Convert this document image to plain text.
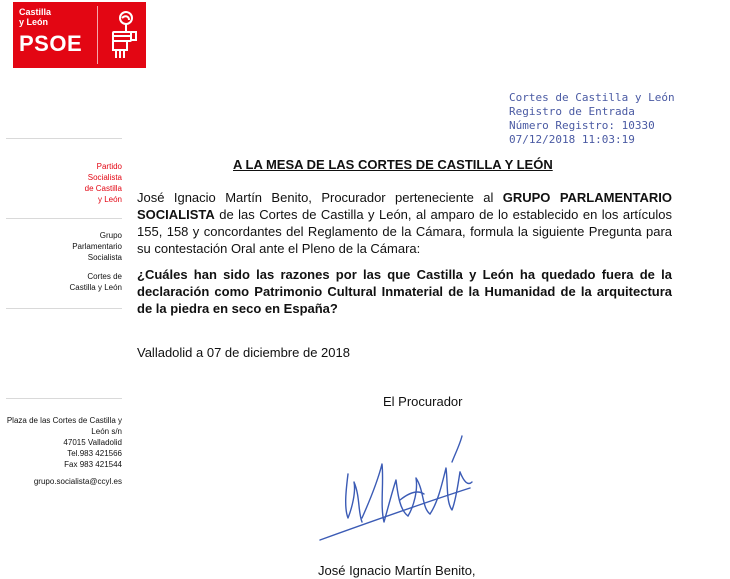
Castilla
y León
PSOE
Cortes de Castilla y León
Registro de Entrada
Número Registro: 10330
07/12/2018 11:03:19
Partido
Socialista
de Castilla
y León
Grupo
Parlamentario
Socialista
Cortes de
Castilla y León
Plaza de las Cortes de Castilla y
León s/n
47015 Valladolid
Tel.983 421566
Fax 983 421544
grupo.socialista@ccyl.es
A LA MESA DE LAS CORTES DE CASTILLA Y LEÓN
José Ignacio Martín Benito, Procurador perteneciente al GRUPO PARLAMENTARIO SOCIALISTA de las Cortes de Castilla y León, al amparo de lo establecido en los artículos 155, 158 y concordantes del Reglamento de la Cámara, formula la siguiente Pregunta para su contestación Oral ante el Pleno de la Cámara:
¿Cuáles han sido las razones por las que Castilla y León ha quedado fuera de la declaración como Patrimonio Cultural Inmaterial de la Humanidad de la arquitectura de la piedra en seco en España?
Valladolid a 07 de diciembre de 2018
El Procurador
José Ignacio Martín Benito,
